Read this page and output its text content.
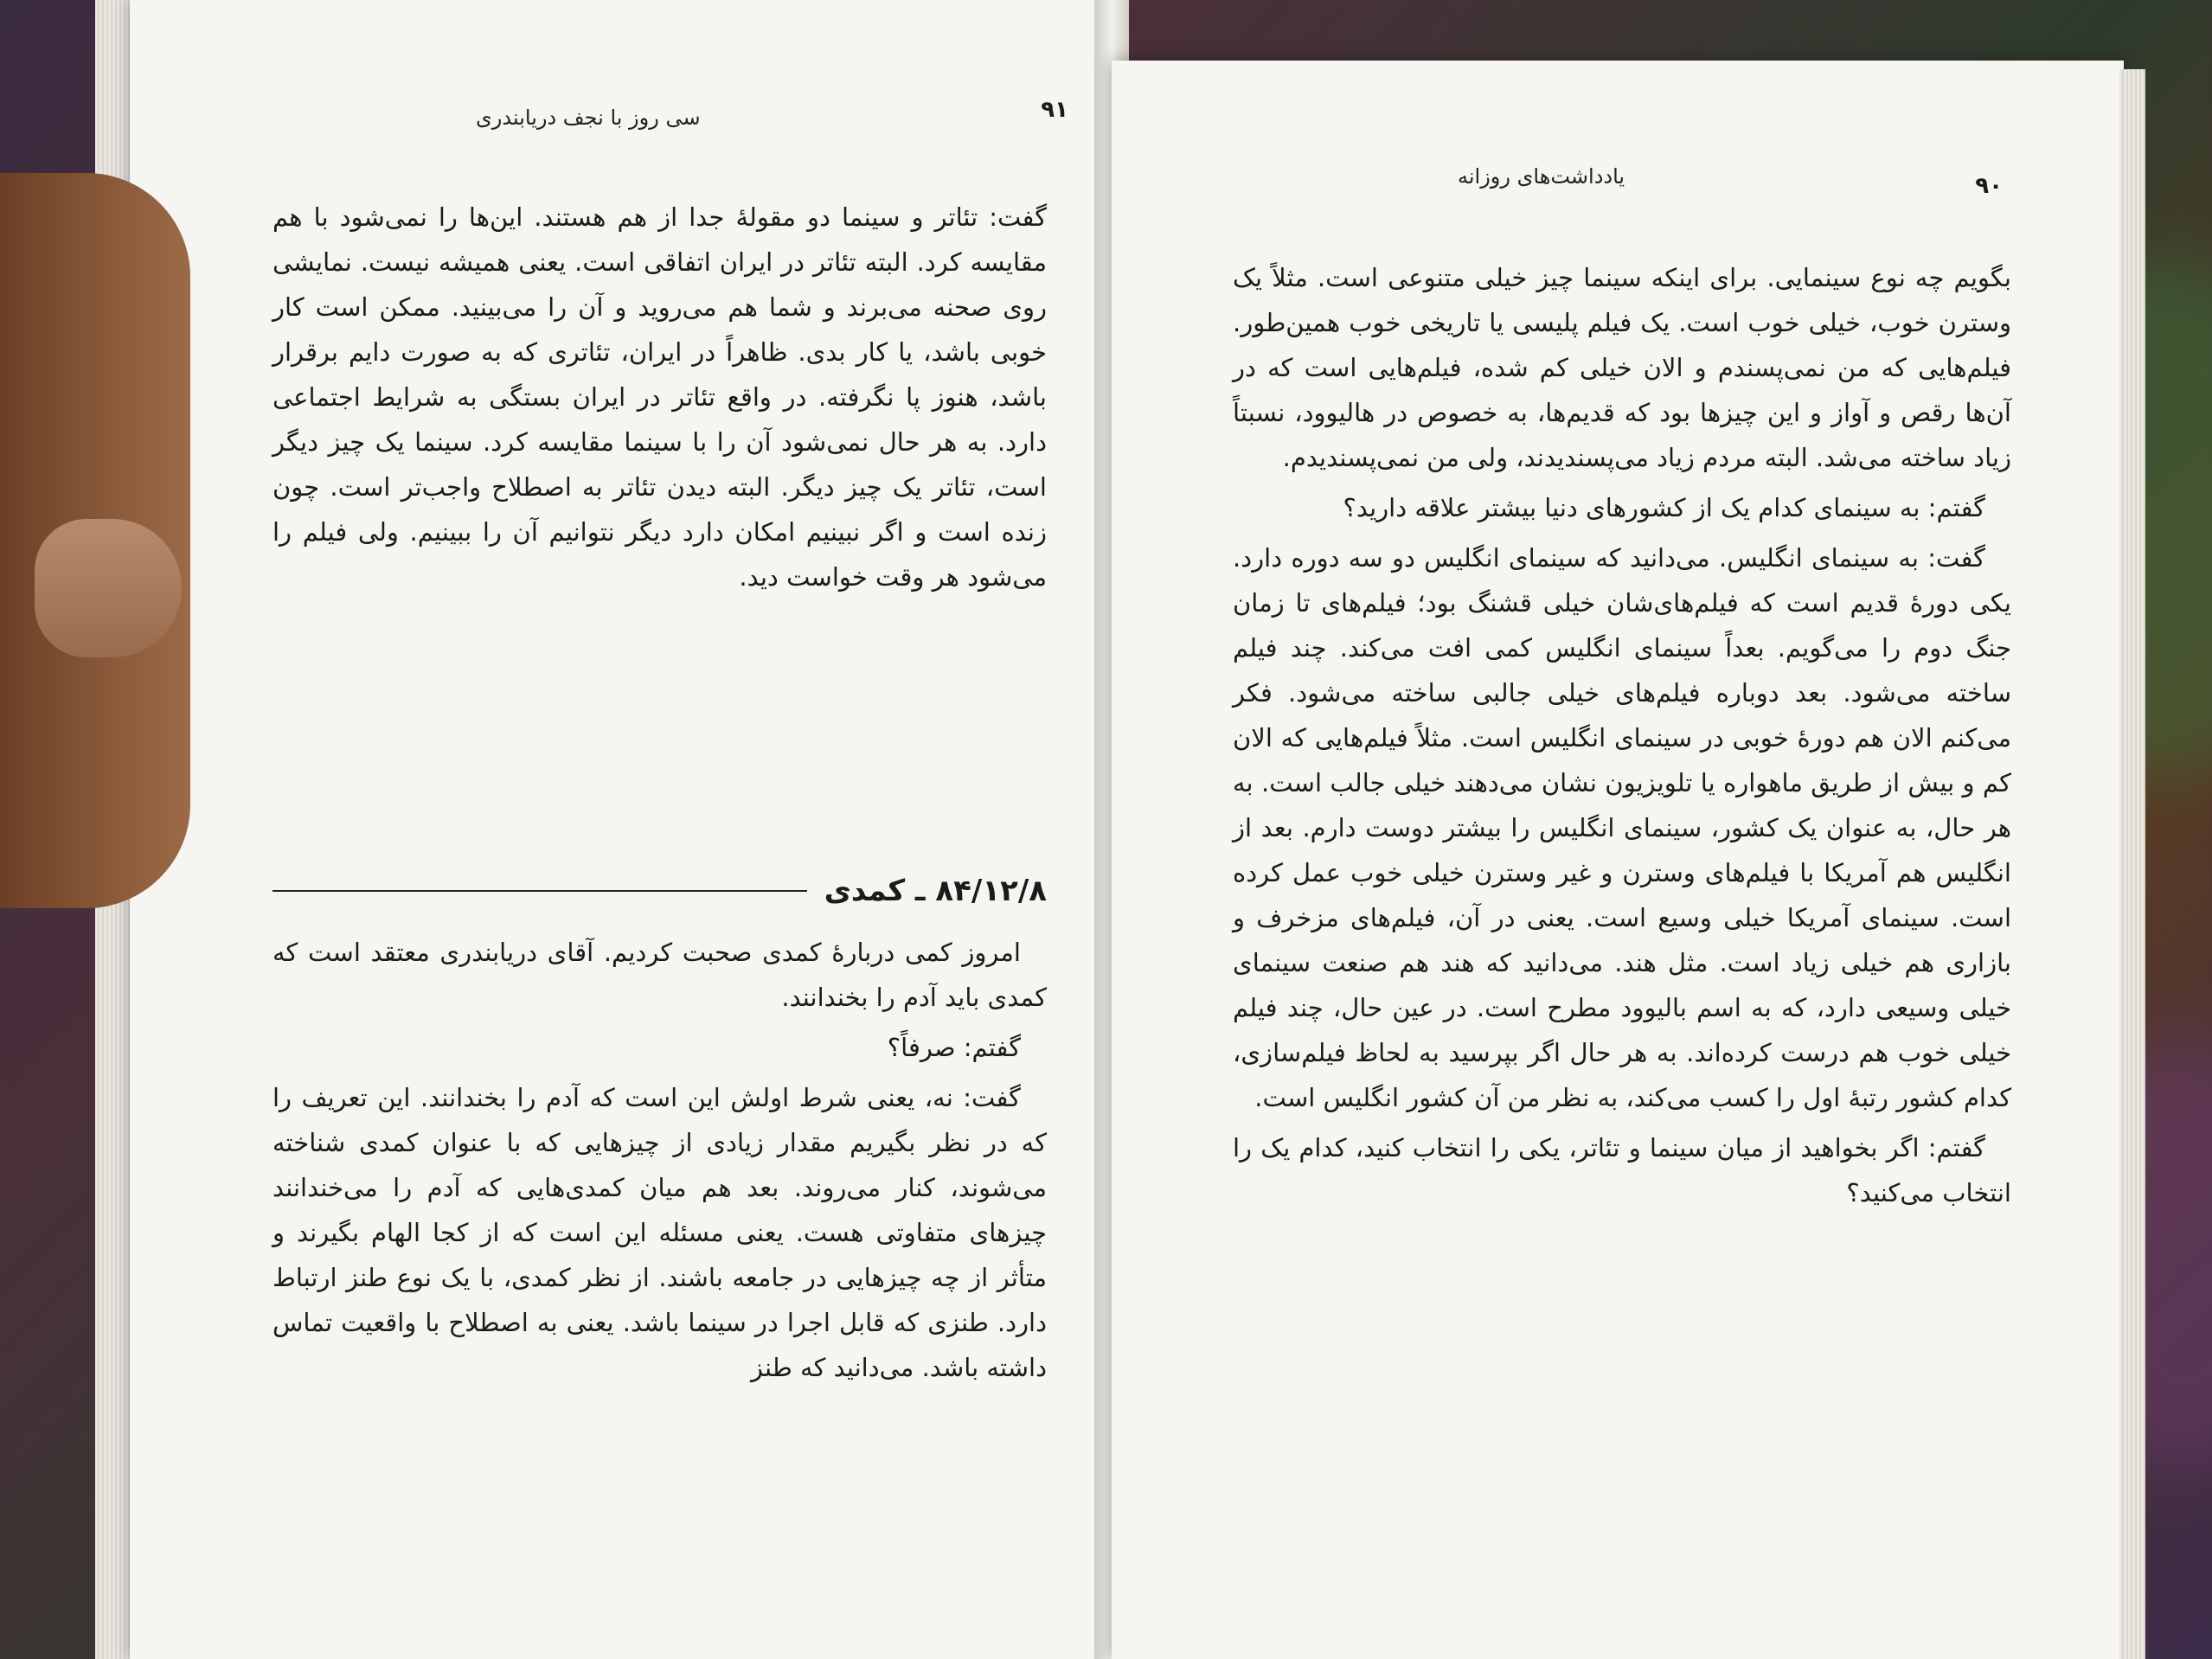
۹۱
سی روز با نجف دریابندری

گفت: تئاتر و سینما دو مقولهٔ جدا از هم هستند. این‌ها را نمی‌شود با هم مقایسه کرد. البته تئاتر در ایران اتفاقی است. یعنی همیشه نیست. نمایشی روی صحنه می‌برند و شما هم می‌روید و آن را می‌بینید. ممکن است کار خوبی باشد، یا کار بدی. ظاهراً در ایران، تئاتری که به صورت دایم برقرار باشد، هنوز پا نگرفته. در واقع تئاتر در ایران بستگی به شرایط اجتماعی دارد. به هر حال نمی‌شود آن را با سینما مقایسه کرد. سینما یک چیز دیگر است، تئاتر یک چیز دیگر. البته دیدن تئاتر به اصطلاح واجب‌تر است. چون زنده است و اگر نبینیم امکان دارد دیگر نتوانیم آن را ببینیم. ولی فیلم را می‌شود هر وقت خواست دید.

۸۴/۱۲/۸ ـ کمدی

امروز کمی دربارهٔ کمدی صحبت کردیم. آقای دریابندری معتقد است که کمدی باید آدم را بخندانند.

گفتم: صرفاً؟

گفت: نه، یعنی شرط اولش این است که آدم را بخندانند. این تعریف را که در نظر بگیریم مقدار زیادی از چیزهایی که با عنوان کمدی شناخته می‌شوند، کنار می‌روند. بعد هم میان کمدی‌هایی که آدم را می‌خندانند چیزهای متفاوتی هست. یعنی مسئله این است که از کجا الهام بگیرند و متأثر از چه چیزهایی در جامعه باشند. از نظر کمدی، با یک نوع طنز ارتباط دارد. طنزی که قابل اجرا در سینما باشد. یعنی به اصطلاح با واقعیت تماس داشته باشد. می‌دانید که طنز

۹۰
یادداشت‌های روزانه

بگویم چه نوع سینمایی. برای اینکه سینما چیز خیلی متنوعی است. مثلاً یک وسترن خوب، خیلی خوب است. یک فیلم پلیسی یا تاریخی خوب همین‌طور. فیلم‌هایی که من نمی‌پسندم و الان خیلی کم شده، فیلم‌هایی است که در آن‌ها رقص و آواز و این چیزها بود که قدیم‌ها، به خصوص در هالیوود، نسبتاً زیاد ساخته می‌شد. البته مردم زیاد می‌پسندیدند، ولی من نمی‌پسندیدم.

گفتم: به سینمای کدام یک از کشورهای دنیا بیشتر علاقه دارید؟

گفت: به سینمای انگلیس. می‌دانید که سینمای انگلیس دو سه دوره دارد. یکی دورهٔ قدیم است که فیلم‌های‌شان خیلی قشنگ بود؛ فیلم‌های تا زمان جنگ دوم را می‌گویم. بعداً سینمای انگلیس کمی افت می‌کند. چند فیلم ساخته می‌شود. بعد دوباره فیلم‌های خیلی جالبی ساخته می‌شود. فکر می‌کنم الان هم دورهٔ خوبی در سینمای انگلیس است. مثلاً فیلم‌هایی که الان کم و بیش از طریق ماهواره یا تلویزیون نشان می‌دهند خیلی جالب است. به هر حال، به عنوان یک کشور، سینمای انگلیس را بیشتر دوست دارم. بعد از انگلیس هم آمریکا با فیلم‌های وسترن و غیر وسترن خیلی خوب عمل کرده است. سینمای آمریکا خیلی وسیع است. یعنی در آن، فیلم‌های مزخرف و بازاری هم خیلی زیاد است. مثل هند. می‌دانید که هند هم صنعت سینمای خیلی وسیعی دارد، که به اسم بالیوود مطرح است. در عین حال، چند فیلم خیلی خوب هم درست کرده‌اند. به هر حال اگر بپرسید به لحاظ فیلم‌سازی، کدام کشور رتبهٔ اول را کسب می‌کند، به نظر من آن کشور انگلیس است.

گفتم: اگر بخواهید از میان سینما و تئاتر، یکی را انتخاب کنید، کدام یک را انتخاب می‌کنید؟
